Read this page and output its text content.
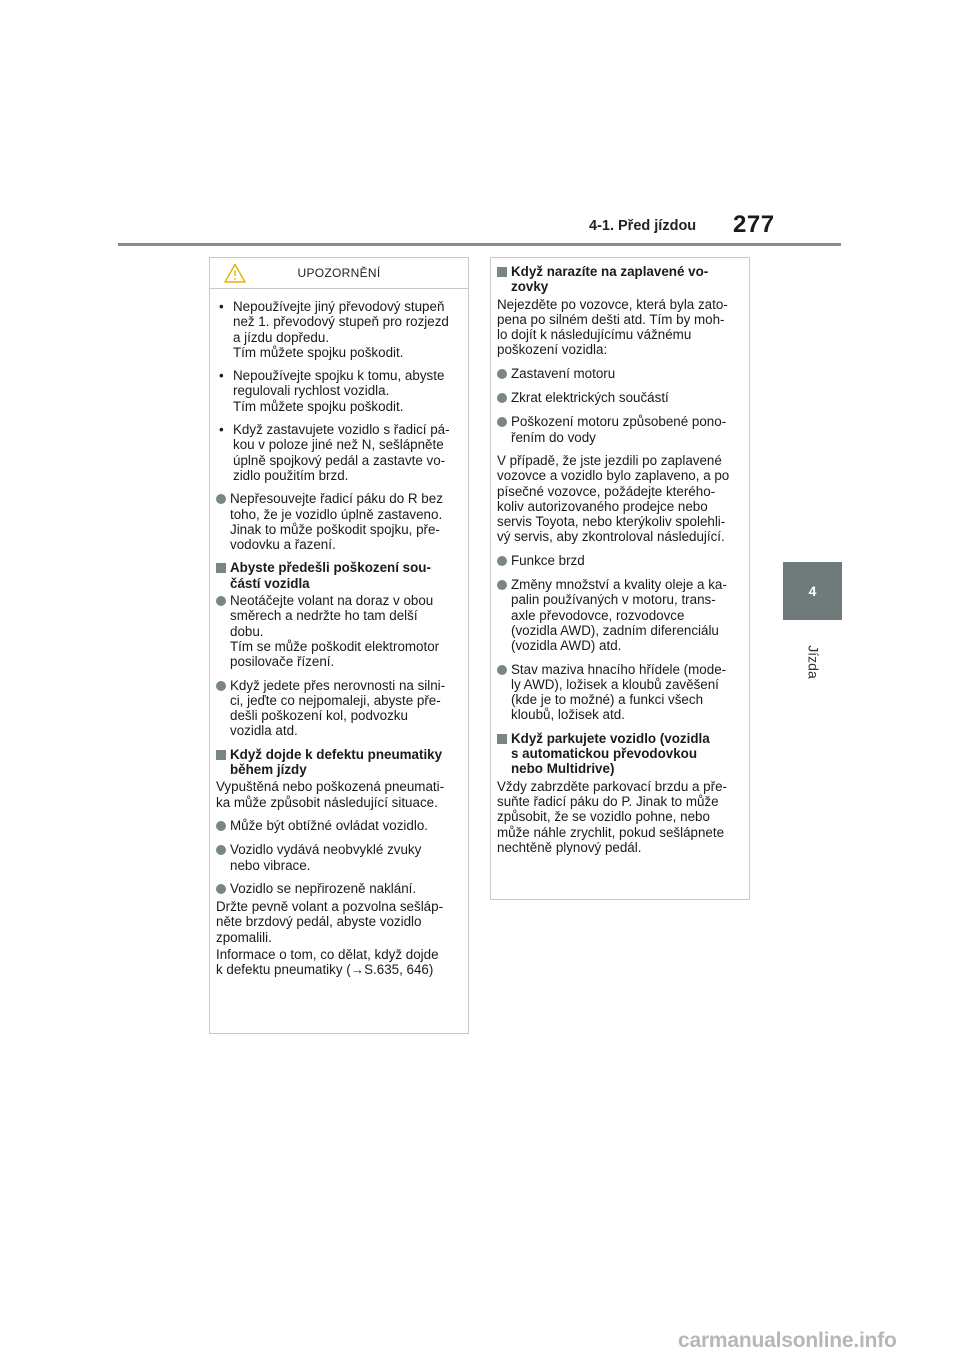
4-1. Před jízdou 277
4
Jízda
UPOZORNĚNÍ
• Nepoužívejte jiný převodový stupeň
než 1. převodový stupeň pro rozjezd
a jízdu dopředu.
Tím můžete spojku poškodit.
• Nepoužívejte spojku k tomu, abyste
regulovali rychlost vozidla.
Tím můžete spojku poškodit.
• Když zastavujete vozidlo s řadicí pá-
kou v poloze jiné než N, sešlápněte
úplně spojkový pedál a zastavte vo-
zidlo použitím brzd.
Nepřesouvejte řadicí páku do R bez
toho, že je vozidlo úplně zastaveno.
Jinak to může poškodit spojku, pře-
vodovku a řazení.
Abyste předešli poškození sou-
částí vozidla
Neotáčejte volant na doraz v obou
směrech a nedržte ho tam delší
dobu.
Tím se může poškodit elektromotor
posilovače řízení.
Když jedete přes nerovnosti na silni-
ci, jeďte co nejpomaleji, abyste pře-
dešli poškození kol, podvozku
vozidla atd.
Když dojde k defektu pneumatiky
během jízdy
Vypuštěná nebo poškozená pneumati-
ka může způsobit následující situace.
Může být obtížné ovládat vozidlo.
Vozidlo vydává neobvyklé zvuky
nebo vibrace.
Vozidlo se nepřirozeně naklání.
Držte pevně volant a pozvolna sešláp-
něte brzdový pedál, abyste vozidlo
zpomalili.
Informace o tom, co dělat, když dojde
k defektu pneumatiky (→S.635, 646)
Když narazíte na zaplavené vo-
zovky
Nejezděte po vozovce, která byla zato-
pena po silném dešti atd. Tím by moh-
lo dojít k následujícímu vážnému
poškození vozidla:
Zastavení motoru
Zkrat elektrických součástí
Poškození motoru způsobené pono-
řením do vody
V případě, že jste jezdili po zaplavené
vozovce a vozidlo bylo zaplaveno, a po
písečné vozovce, požádejte kterého-
koliv autorizovaného prodejce nebo
servis Toyota, nebo kterýkoliv spolehli-
vý servis, aby zkontroloval následující.
Funkce brzd
Změny množství a kvality oleje a ka-
palin používaných v motoru, trans-
axle převodovce, rozvodovce
(vozidla AWD), zadním diferenciálu
(vozidla AWD) atd.
Stav maziva hnacího hřídele (mode-
ly AWD), ložisek a kloubů zavěšení
(kde je to možné) a funkci všech
kloubů, ložisek atd.
Když parkujete vozidlo (vozidla
s automatickou převodovkou
nebo Multidrive)
Vždy zabrzděte parkovací brzdu a pře-
suňte řadicí páku do P. Jinak to může
způsobit, že se vozidlo pohne, nebo
může náhle zrychlit, pokud sešlápnete
nechtěně plynový pedál.
carmanualsonline.info
